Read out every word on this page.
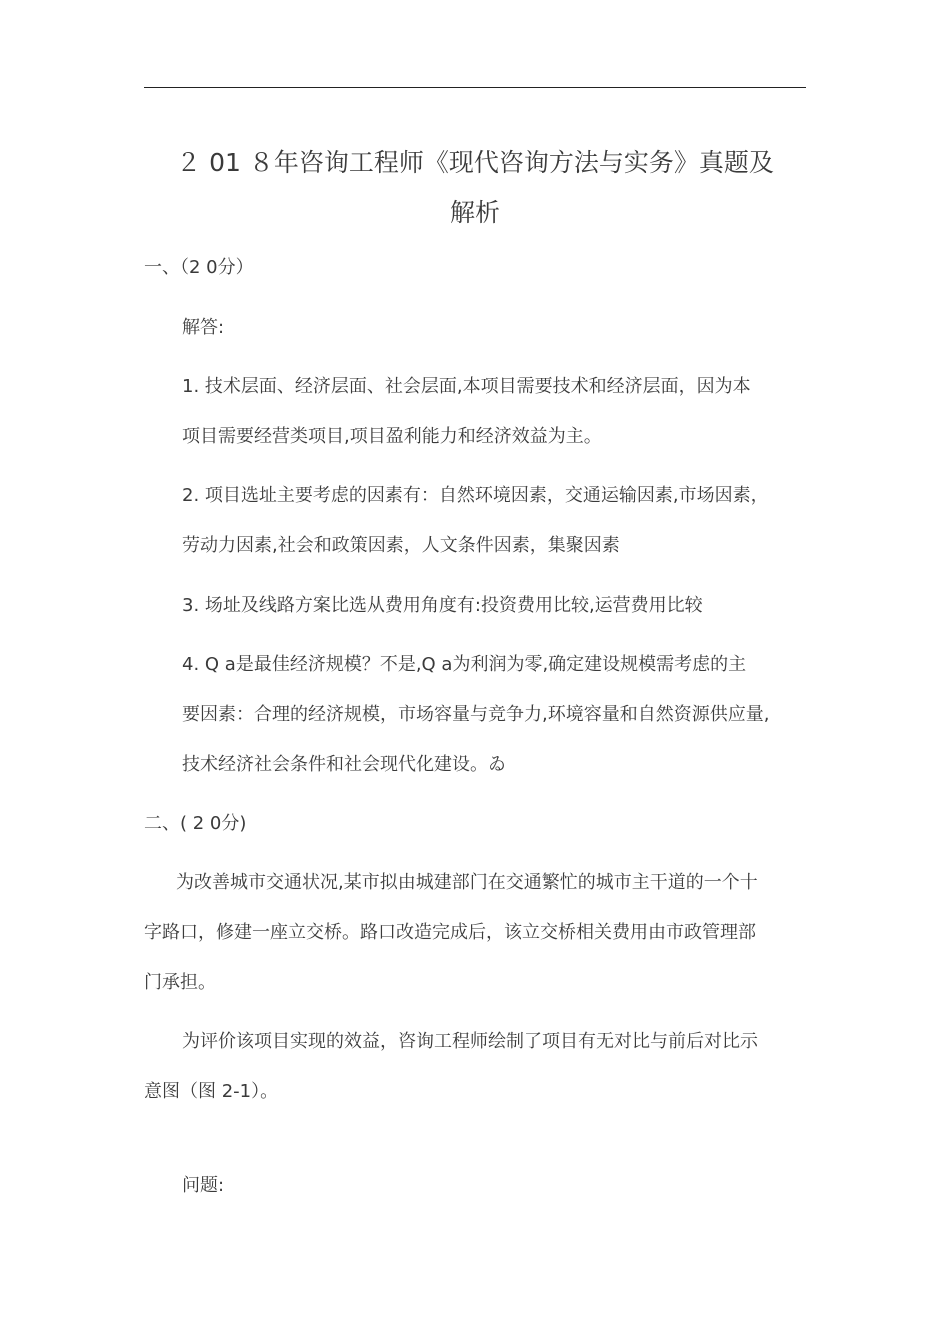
２ 01 ８年咨询工程师《现代咨询方法与实务》真题及
解析

一、（2 0分）

解答:

1. 技术层面、经济层面、社会层面,本项目需要技术和经济层面，因为本

项目需要经营类项目,项目盈利能力和经济效益为主。

2. 项目选址主要考虑的因素有：自然环境因素，交通运输因素,市场因素，

劳动力因素,社会和政策因素，人文条件因素，集聚因素

3. 场址及线路方案比选从费用角度有:投资费用比较,运营费用比较

4. Q a是最佳经济规模？不是,Q a为利润为零,确定建设规模需考虑的主

要因素：合理的经济规模，市场容量与竞争力,环境容量和自然资源供应量,

技术经济社会条件和社会现代化建设。ゐ

二、( 2 0分)

为改善城市交通状况,某市拟由城建部门在交通繁忙的城市主干道的一个十

字路口，修建一座立交桥。路口改造完成后，该立交桥相关费用由市政管理部

门承担。

为评价该项目实现的效益，咨询工程师绘制了项目有无对比与前后对比示

意图（图 2-1）。

问题:
